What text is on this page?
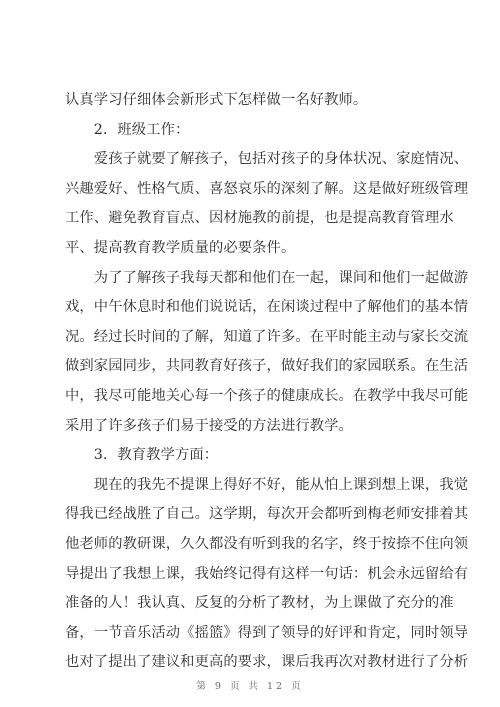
认真学习仔细体会新形式下怎样做一名好教师。
　　2．班级工作：
　　爱孩子就要了解孩子，包括对孩子的身体状况、家庭情况、
兴趣爱好、性格气质、喜怒哀乐的深刻了解。这是做好班级管理
工作、避免教育盲点、因材施教的前提，也是提高教育管理水
平、提高教育教学质量的必要条件。
　　为了了解孩子我每天都和他们在一起，课间和他们一起做游
戏，中午休息时和他们说说话，在闲谈过程中了解他们的基本情
况。经过长时间的了解，知道了许多。在平时能主动与家长交流
做到家园同步，共同教育好孩子，做好我们的家园联系。在生活
中，我尽可能地关心每一个孩子的健康成长。在教学中我尽可能
采用了许多孩子们易于接受的方法进行教学。
　　3．教育教学方面：
　　现在的我先不提课上得好不好，能从怕上课到想上课，我觉
得我已经战胜了自己。这学期，每次开会都听到梅老师安排着其
他老师的教研课，久久都没有听到我的名字，终于按捺不住向领
导提出了我想上课，我始终记得有这样一句话：机会永远留给有
准备的人！我认真、反复的分析了教材，为上课做了充分的准
备，一节音乐活动《摇篮》得到了领导的好评和肯定，同时领导
也对了提出了建议和更高的要求，课后我再次对教材进行了分析
第 9 页 共 12 页
